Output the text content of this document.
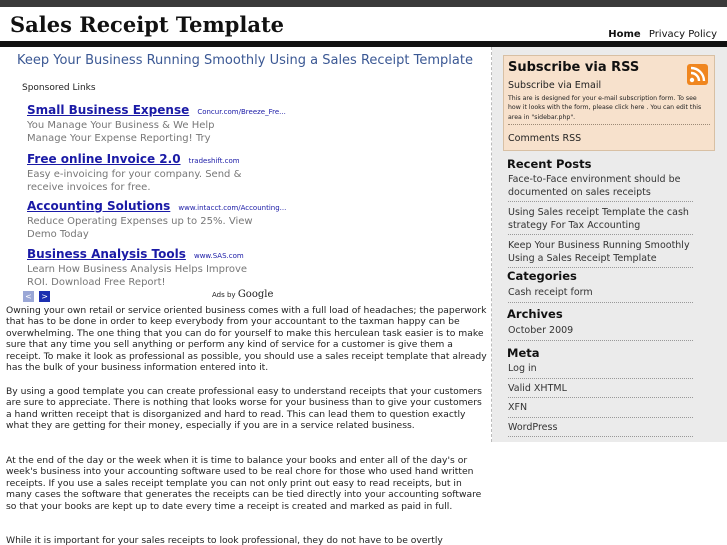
Sales Receipt Template	Home Privacy Policy
Keep Your Business Running Smoothly Using a Sales Receipt Template
Sponsored Links
Small Business Expense Concur.com/Breeze_Fre...
You Manage Your Business & We Help
Manage Your Expense Reporting! Try
Free online Invoice 2.0 tradeshift.com
Easy e-invoicing for your company. Send &
receive invoices for free.
Accounting Solutions www.intacct.com/Accounting...
Reduce Operating Expenses up to 25%. View
Demo Today
Business Analysis Tools www.SAS.com
Learn How Business Analysis Helps Improve
ROI. Download Free Report!
< >	Ads by Google
Owning your own retail or service oriented business comes with a full load of headaches; the paperwork that has to be done in order to keep everybody from your accountant to the taxman happy can be overwhelming. The one thing that you can do for yourself to make this herculean task easier is to make sure that any time you sell anything or perform any kind of service for a customer is give them a receipt. To make it look as professional as possible, you should use a sales receipt template that already has the bulk of your business information entered into it.
By using a good template you can create professional easy to understand receipts that your customers are sure to appreciate. There is nothing that looks worse for your business than to give your customers a hand written receipt that is disorganized and hard to read. This can lead them to question exactly what they are getting for their money, especially if you are in a service related business.
At the end of the day or the week when it is time to balance your books and enter all of the day's or week's business into your accounting software used to be real chore for those who used hand written receipts. If you use a sales receipt template you can not only print out easy to read receipts, but in many cases the software that generates the receipts can be tied directly into your accounting software so that your books are kept up to date every time a receipt is created and marked as paid in full.
While it is important for your sales receipts to look professional, they do not have to be overtly
Subscribe via RSS
Subscribe via Email
This are is designed for your e-mail subscription form. To see how it looks with the form, please click here . You can edit this area in "sidebar.php".
Comments RSS
Recent Posts
Face-to-Face environment should be
documented on sales receipts
Using Sales receipt Template the cash
strategy For Tax Accounting
Keep Your Business Running Smoothly
Using a Sales Receipt Template
Categories
Cash receipt form
Archives
October 2009
Meta
Log in
Valid XHTML
XFN
WordPress
